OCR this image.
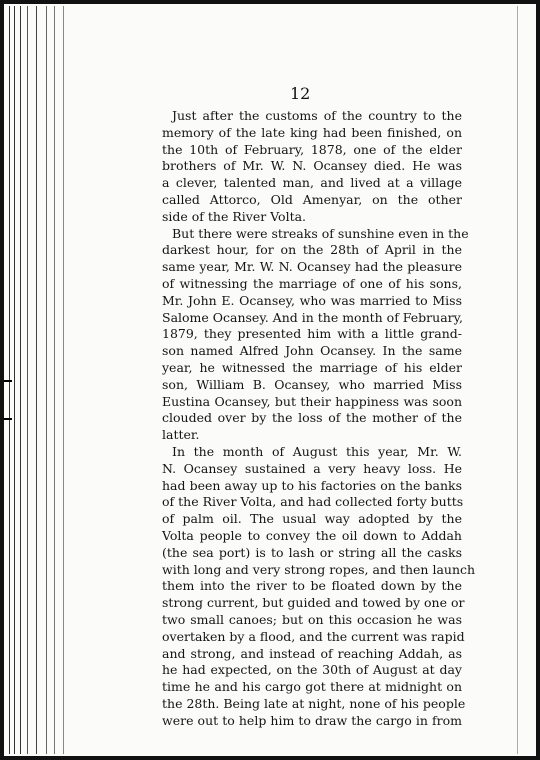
12
Just after the customs of the country to the
memory of the late king had been finished, on
the 10th of February, 1878, one of the elder
brothers of Mr. W. N. Ocansey died. He was
a clever, talented man, and lived at a village
called Attorco, Old Amenyar, on the other
side of the River Volta.
But there were streaks of sunshine even in the
darkest hour, for on the 28th of April in the
same year, Mr. W. N. Ocansey had the pleasure
of witnessing the marriage of one of his sons,
Mr. John E. Ocansey, who was married to Miss
Salome Ocansey. And in the month of February,
1879, they presented him with a little grand-
son named Alfred John Ocansey. In the same
year, he witnessed the marriage of his elder
son, William B. Ocansey, who married Miss
Eustina Ocansey, but their happiness was soon
clouded over by the loss of the mother of the
latter.
In the month of August this year, Mr. W.
N. Ocansey sustained a very heavy loss. He
had been away up to his factories on the banks
of the River Volta, and had collected forty butts
of palm oil. The usual way adopted by the
Volta people to convey the oil down to Addah
(the sea port) is to lash or string all the casks
with long and very strong ropes, and then launch
them into the river to be floated down by the
strong current, but guided and towed by one or
two small canoes; but on this occasion he was
overtaken by a flood, and the current was rapid
and strong, and instead of reaching Addah, as
he had expected, on the 30th of August at day
time he and his cargo got there at midnight on
the 28th. Being late at night, none of his people
were out to help him to draw the cargo in from
